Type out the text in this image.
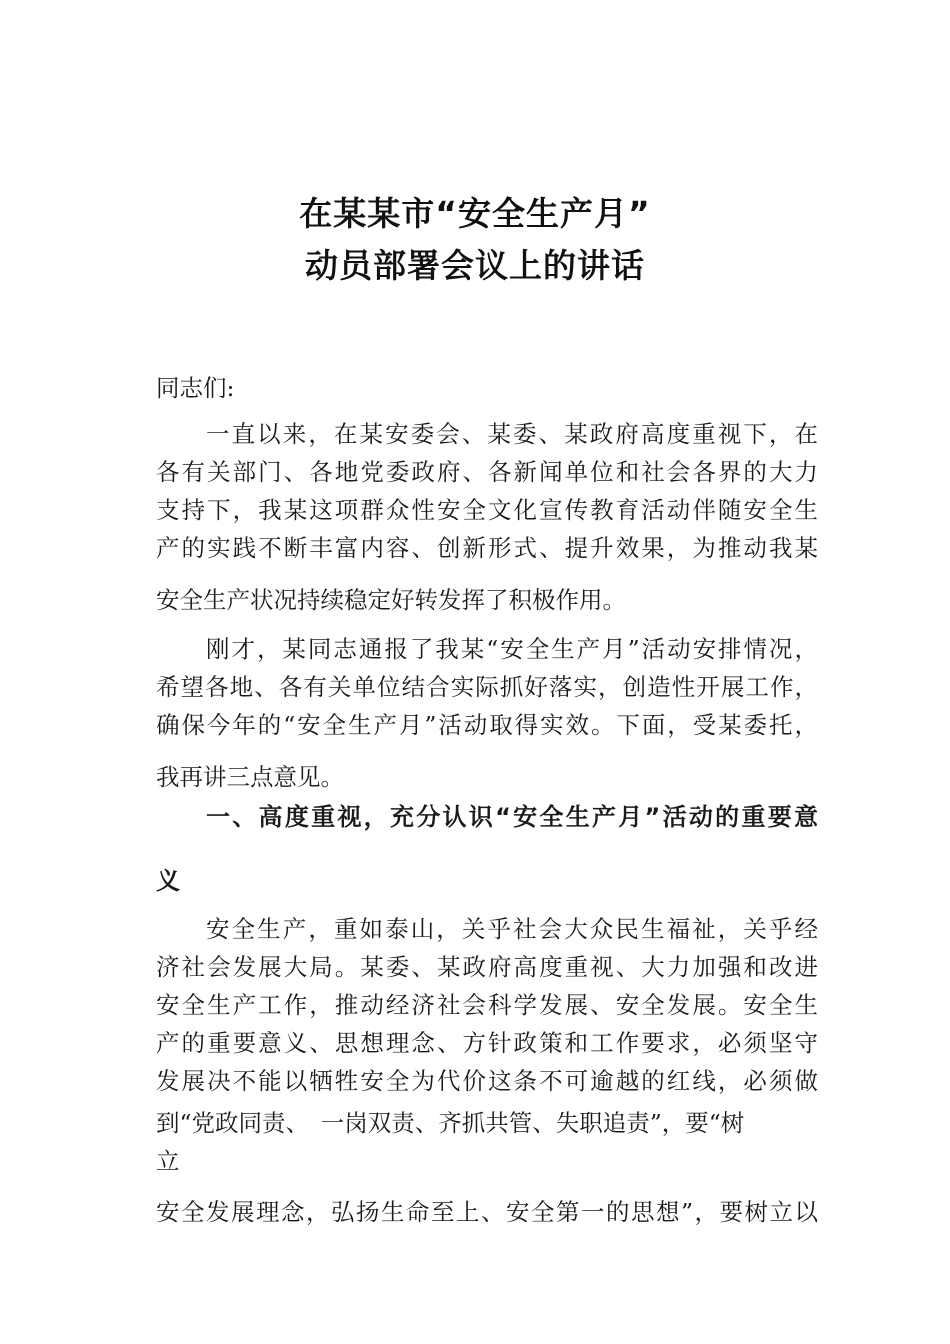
在某某市“安全生产月”
动员部署会议上的讲话
同志们:
一直以来，在某安委会、某委、某政府高度重视下，在
各有关部门、各地党委政府、各新闻单位和社会各界的大力
支持下，我某这项群众性安全文化宣传教育活动伴随安全生
产的实践不断丰富内容、创新形式、提升效果，为推动我某
安全生产状况持续稳定好转发挥了积极作用。
刚才，某同志通报了我某“安全生产月”活动安排情况，
希望各地、各有关单位结合实际抓好落实，创造性开展工作，
确保今年的“安全生产月”活动取得实效。下面，受某委托，
我再讲三点意见。
一、高度重视，充分认识“安全生产月”活动的重要意
义
安全生产，重如泰山，关乎社会大众民生福祉，关乎经
济社会发展大局。某委、某政府高度重视、大力加强和改进
安全生产工作，推动经济社会科学发展、安全发展。安全生
产的重要意义、思想理念、方针政策和工作要求，必须坚守
发展决不能以牺牲安全为代价这条不可逾越的红线，必须做
到“党政同责、　一岗双责、齐抓共管、失职追责”，要“树
立
安全发展理念，弘扬生命至上、安全第一的思想”，要树立以
